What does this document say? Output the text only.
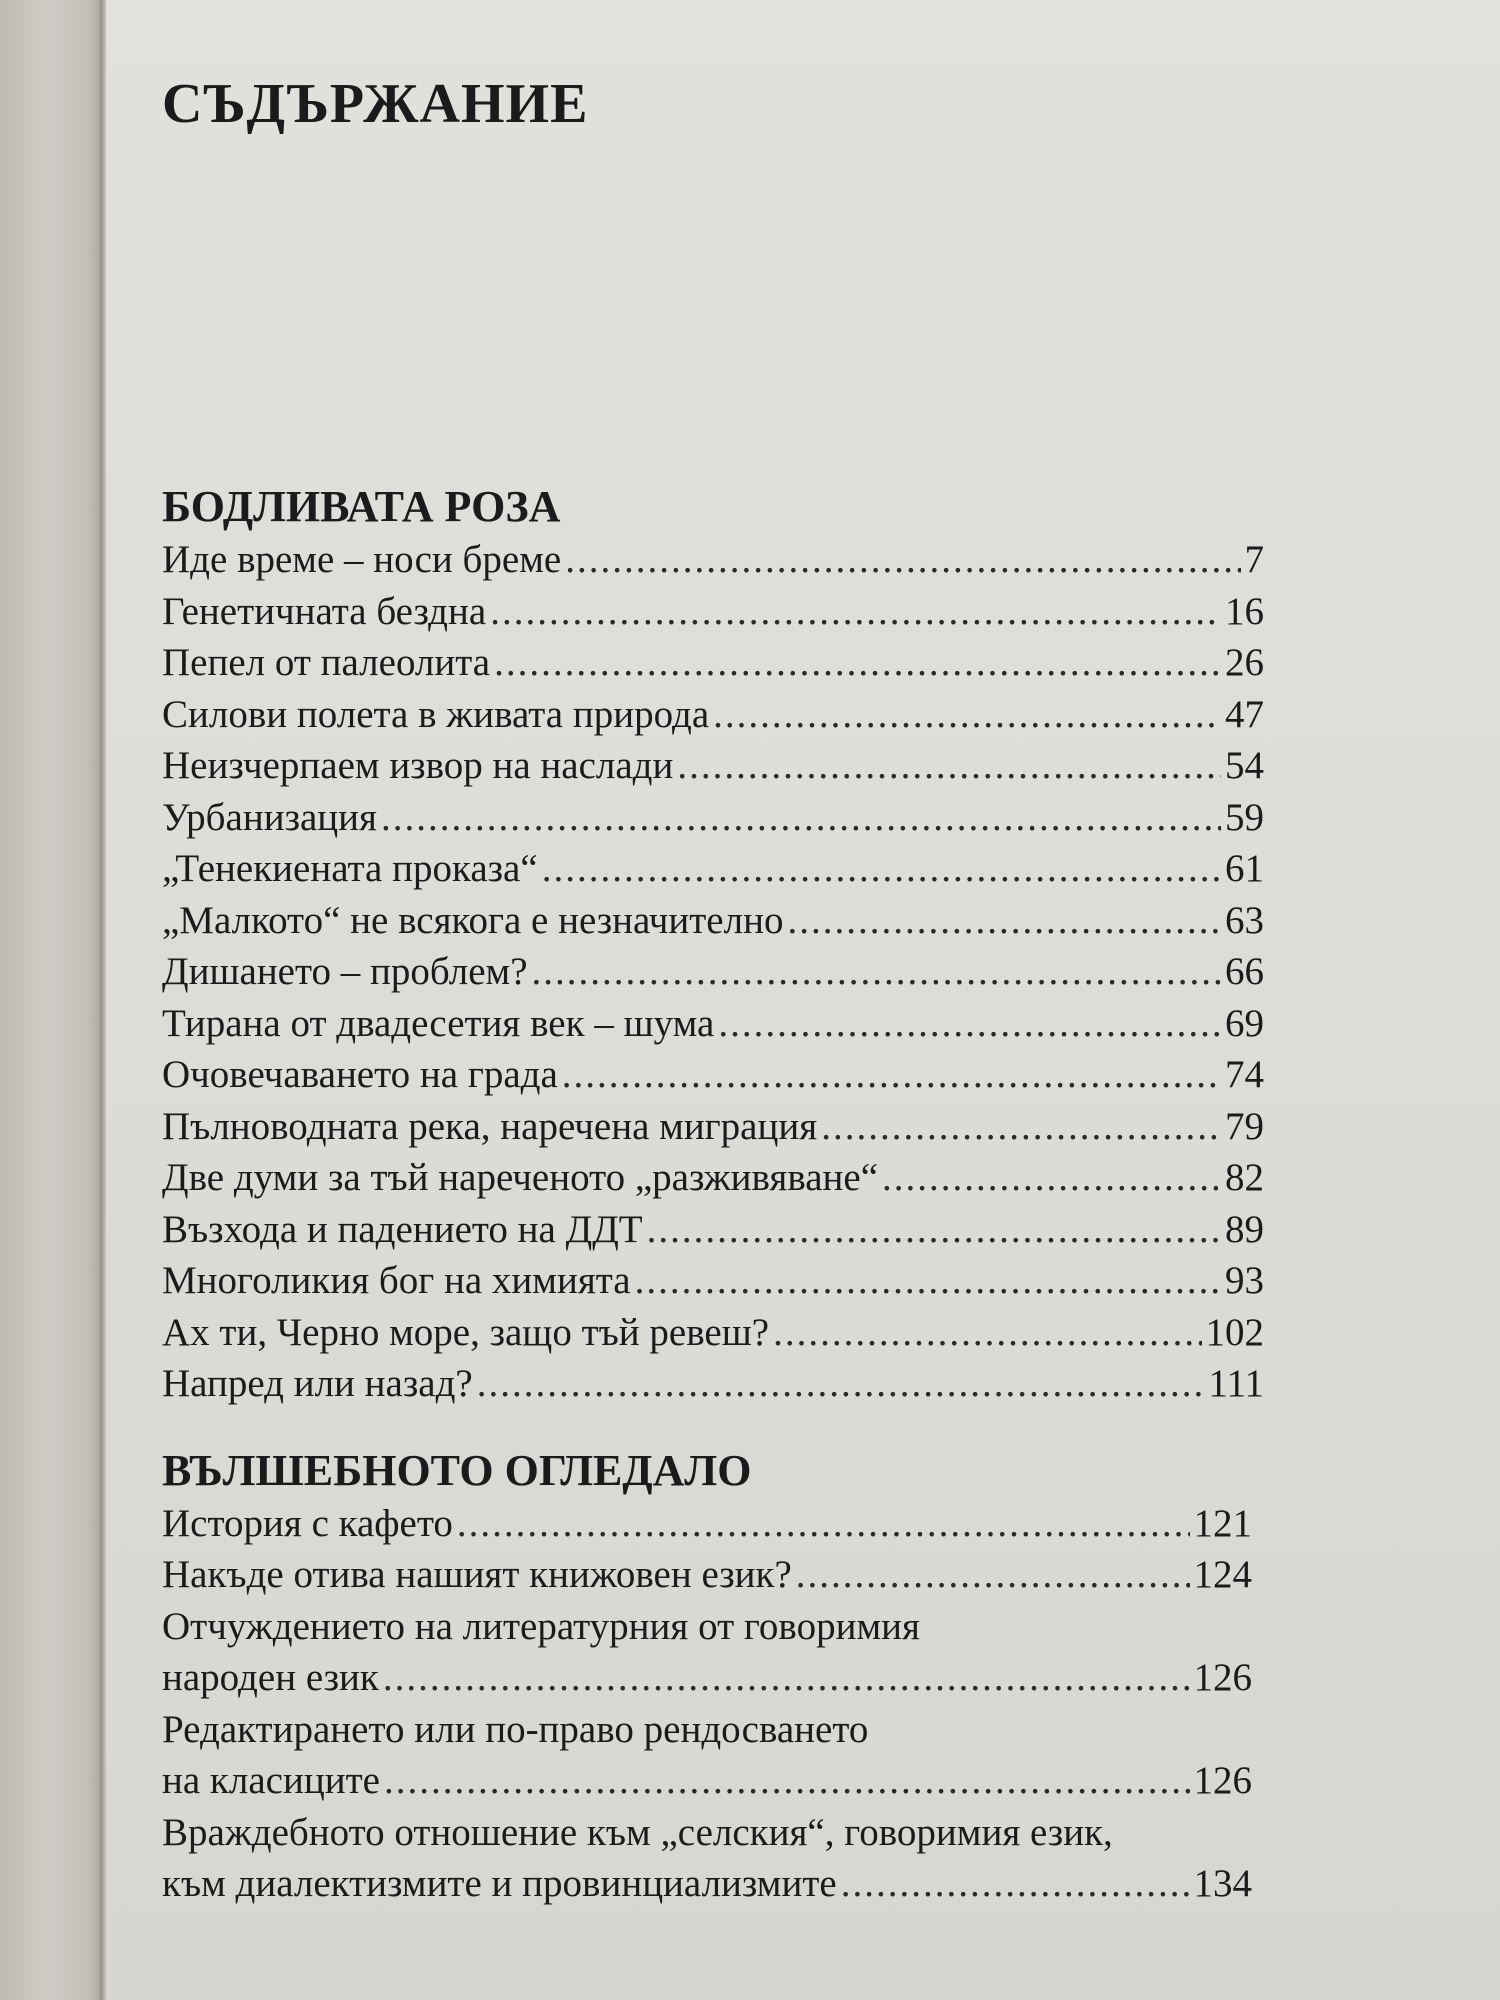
СЪДЪРЖАНИЕ
БОДЛИВАТА РОЗА
Иде време – носи бреме .....	7
Генетичната бездна .....	16
Пепел от палеолита .....	26
Силови полета в живата природа .....	47
Неизчерпаем извор на наслади .....	54
Урбанизация .....	59
„Тенекиената проказа“ .....	61
„Малкото“ не всякога е незначително .....	63
Дишането – проблем? .....	66
Тирана от двадесетия век – шума .....	69
Очовечаването на града .....	74
Пълноводната река, наречена миграция .....	79
Две думи за тъй нареченото „разживяване“ .....	82
Възхода и падението на ДДТ .....	89
Многоликия бог на химията .....	93
Ах ти, Черно море, защо тъй ревеш? .....	102
Напред или назад? .....	111
ВЪЛШЕБНОТО ОГЛЕДАЛО
История с кафето .....	121
Накъде отива нашият книжовен език? .....	124
Отчуждението на литературния от говоримия
народен език .....	126
Редактирането или по-право рендосването
на класиците .....	126
Враждебното отношение към „селския“, говоримия език,
към диалектизмите и провинциализмите .....	134
